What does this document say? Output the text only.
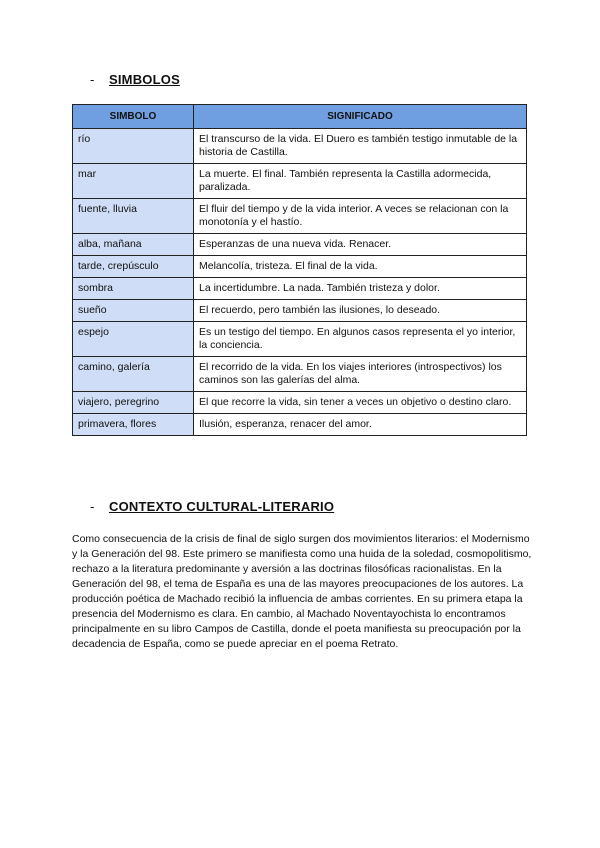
-	SIMBOLOS
SIMBOLO	SIGNIFICADO
río	El transcurso de la vida. El Duero es también testigo inmutable de la historia de Castilla.
mar	La muerte. El final. También representa la Castilla adormecida, paralizada.
fuente, lluvia	El fluir del tiempo y de la vida interior. A veces se relacionan con la monotonía y el hastío.
alba, mañana	Esperanzas de una nueva vida. Renacer.
tarde, crepúsculo	Melancolía, tristeza. El final de la vida.
sombra	La incertidumbre. La nada. También tristeza y dolor.
sueño	El recuerdo, pero también las ilusiones, lo deseado.
espejo	Es un testigo del tiempo. En algunos casos representa el yo interior, la conciencia.
camino, galería	El recorrido de la vida. En los viajes interiores (introspectivos) los caminos son las galerías del alma.
viajero, peregrino	El que recorre la vida, sin tener a veces un objetivo o destino claro.
primavera, flores	Ilusión, esperanza, renacer del amor.
-	CONTEXTO CULTURAL-LITERARIO

Como consecuencia de la crisis de final de siglo surgen dos movimientos literarios: el Modernismo y la Generación del 98. Este primero se manifiesta como una huida de la soledad, cosmopolitismo, rechazo a la literatura predominante y aversión a las doctrinas filosóficas racionalistas. En la Generación del 98, el tema de España es una de las mayores preocupaciones de los autores. La producción poética de Machado recibió la influencia de ambas corrientes. En su primera etapa la presencia del Modernismo es clara. En cambio, al Machado Noventayochista lo encontramos principalmente en su libro Campos de Castilla, donde el poeta manifiesta su preocupación por la decadencia de España, como se puede apreciar en el poema Retrato.
